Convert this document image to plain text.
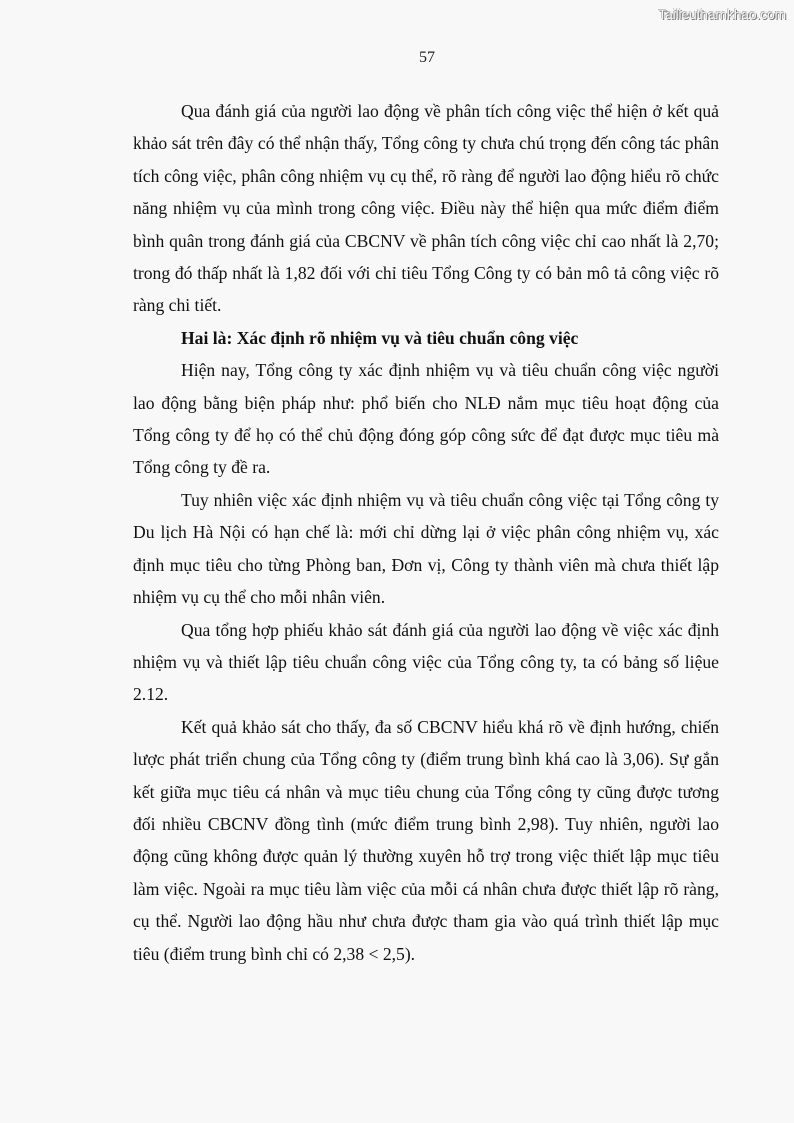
Tailieuthamkhao.com
57

Qua đánh giá của người lao động về phân tích công việc thể hiện ở kết quả khảo sát trên đây có thể nhận thấy, Tổng công ty chưa chú trọng đến công tác phân tích công việc, phân công nhiệm vụ cụ thể, rõ ràng để người lao động hiểu rõ chức năng nhiệm vụ của mình trong công việc. Điều này thể hiện qua mức điểm điểm bình quân trong đánh giá của CBCNV về phân tích công việc chỉ cao nhất là 2,70; trong đó thấp nhất là 1,82 đối với chỉ tiêu Tổng Công ty có bản mô tả công việc rõ ràng chi tiết.

Hai là: Xác định rõ nhiệm vụ và tiêu chuẩn công việc

Hiện nay, Tổng công ty xác định nhiệm vụ và tiêu chuẩn công việc người lao động bằng biện pháp như: phổ biến cho NLĐ nắm mục tiêu hoạt động của Tổng công ty để họ có thể chủ động đóng góp công sức để đạt được mục tiêu mà Tổng công ty đề ra.

Tuy nhiên việc xác định nhiệm vụ và tiêu chuẩn công việc tại Tổng công ty Du lịch Hà Nội có hạn chế là: mới chỉ dừng lại ở việc phân công nhiệm vụ, xác định mục tiêu cho từng Phòng ban, Đơn vị, Công ty thành viên mà chưa thiết lập nhiệm vụ cụ thể cho mỗi nhân viên.

Qua tổng hợp phiếu khảo sát đánh giá của người lao động về việc xác định nhiệm vụ và thiết lập tiêu chuẩn công việc của Tổng công ty, ta có bảng số liệue 2.12.

Kết quả khảo sát cho thấy, đa số CBCNV hiểu khá rõ về định hướng, chiến lược phát triển chung của Tổng công ty (điểm trung bình khá cao là 3,06). Sự gắn kết giữa mục tiêu cá nhân và mục tiêu chung của Tổng công ty cũng được tương đối nhiều CBCNV đồng tình (mức điểm trung bình 2,98). Tuy nhiên, người lao động cũng không được quản lý thường xuyên hỗ trợ trong việc thiết lập mục tiêu làm việc. Ngoài ra mục tiêu làm việc của mỗi cá nhân chưa được thiết lập rõ ràng, cụ thể. Người lao động hầu như chưa được tham gia vào quá trình thiết lập mục tiêu (điểm trung bình chỉ có 2,38 < 2,5).
